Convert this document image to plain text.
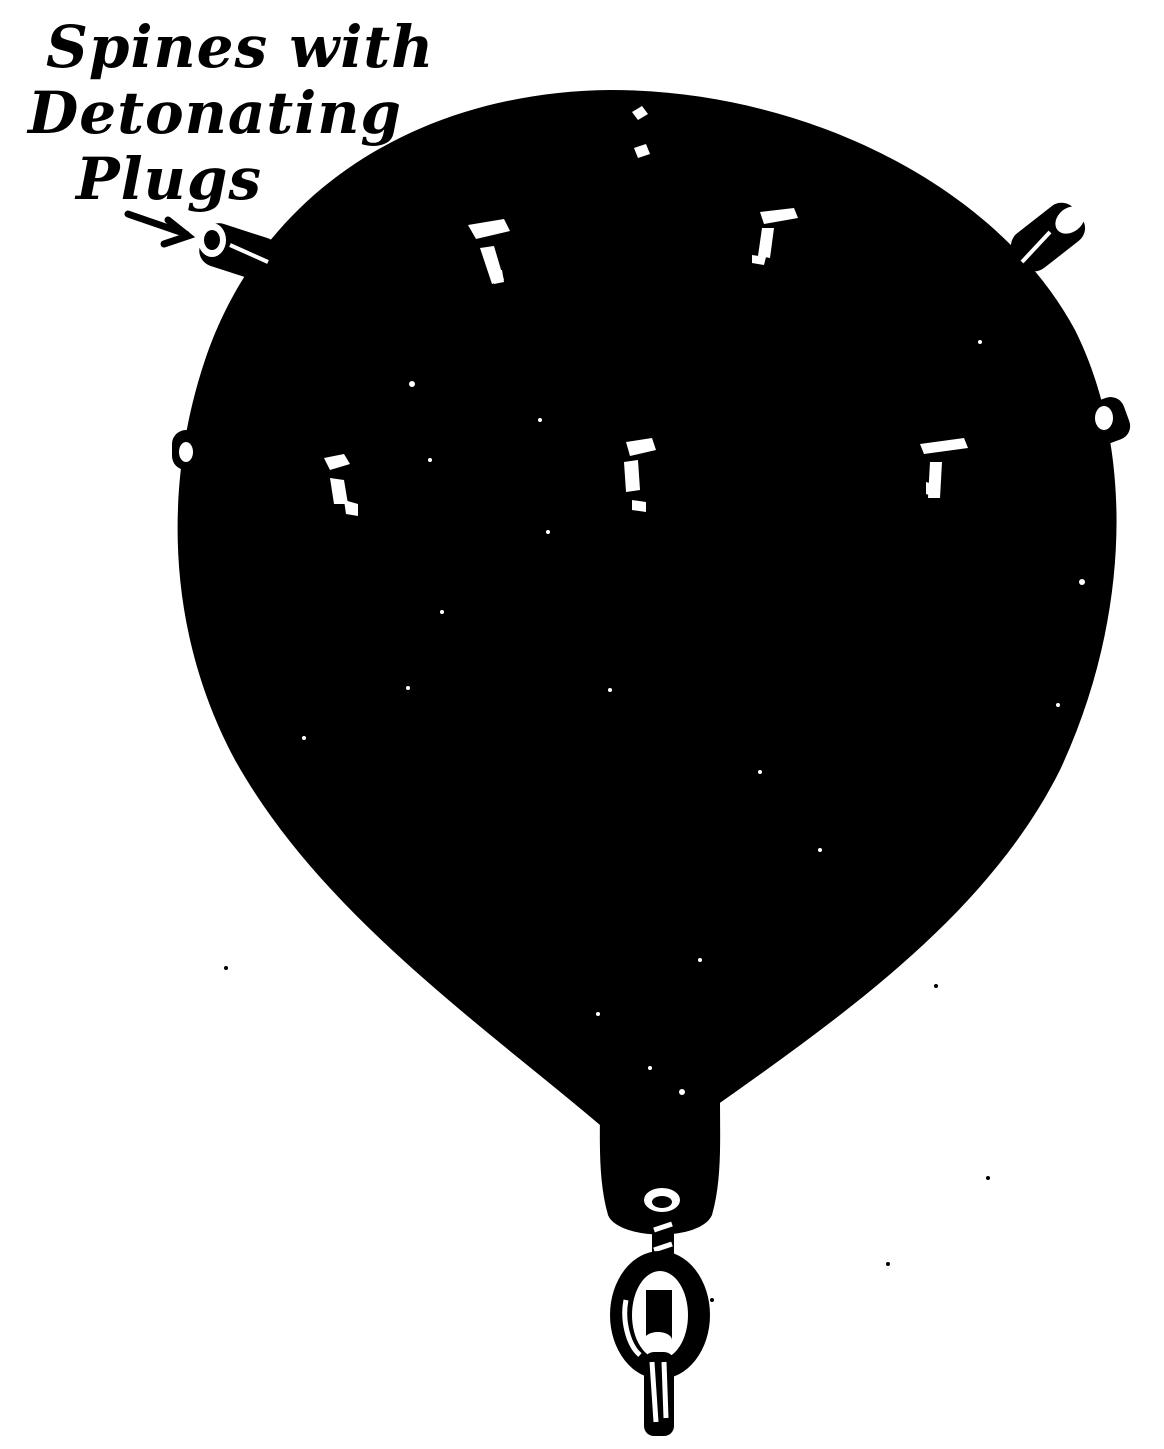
Spines with
Detonating
Plugs
